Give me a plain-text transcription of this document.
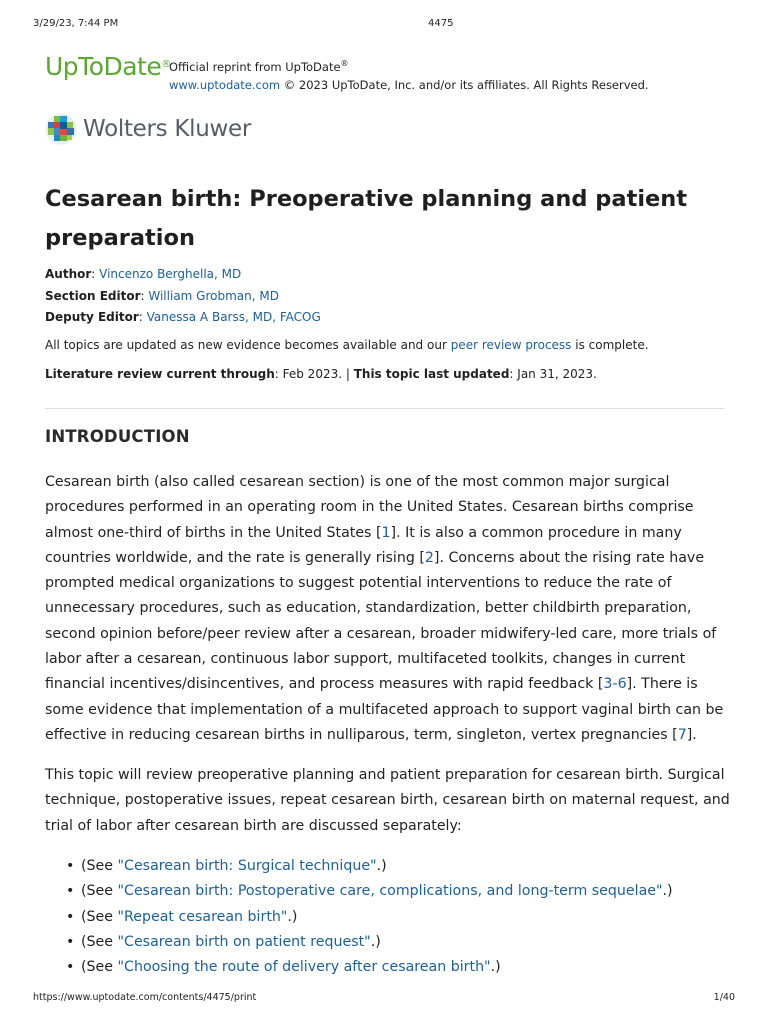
3/29/23, 7:44 PM	4475
UpToDate®
Official reprint from UpToDate®
www.uptodate.com © 2023 UpToDate, Inc. and/or its affiliates. All Rights Reserved.
Wolters Kluwer
Cesarean birth: Preoperative planning and patient preparation
Author: Vincenzo Berghella, MD
Section Editor: William Grobman, MD
Deputy Editor: Vanessa A Barss, MD, FACOG
All topics are updated as new evidence becomes available and our peer review process is complete.
Literature review current through: Feb 2023. | This topic last updated: Jan 31, 2023.
INTRODUCTION

Cesarean birth (also called cesarean section) is one of the most common major surgical procedures performed in an operating room in the United States. Cesarean births comprise almost one-third of births in the United States [1]. It is also a common procedure in many countries worldwide, and the rate is generally rising [2]. Concerns about the rising rate have prompted medical organizations to suggest potential interventions to reduce the rate of unnecessary procedures, such as education, standardization, better childbirth preparation, second opinion before/peer review after a cesarean, broader midwifery-led care, more trials of labor after a cesarean, continuous labor support, multifaceted toolkits, changes in current financial incentives/disincentives, and process measures with rapid feedback [3-6]. There is some evidence that implementation of a multifaceted approach to support vaginal birth can be effective in reducing cesarean births in nulliparous, term, singleton, vertex pregnancies [7].

This topic will review preoperative planning and patient preparation for cesarean birth. Surgical technique, postoperative issues, repeat cesarean birth, cesarean birth on maternal request, and trial of labor after cesarean birth are discussed separately:

• (See "Cesarean birth: Surgical technique".)
• (See "Cesarean birth: Postoperative care, complications, and long-term sequelae".)
• (See "Repeat cesarean birth".)
• (See "Cesarean birth on patient request".)
• (See "Choosing the route of delivery after cesarean birth".)
https://www.uptodate.com/contents/4475/print	1/40
